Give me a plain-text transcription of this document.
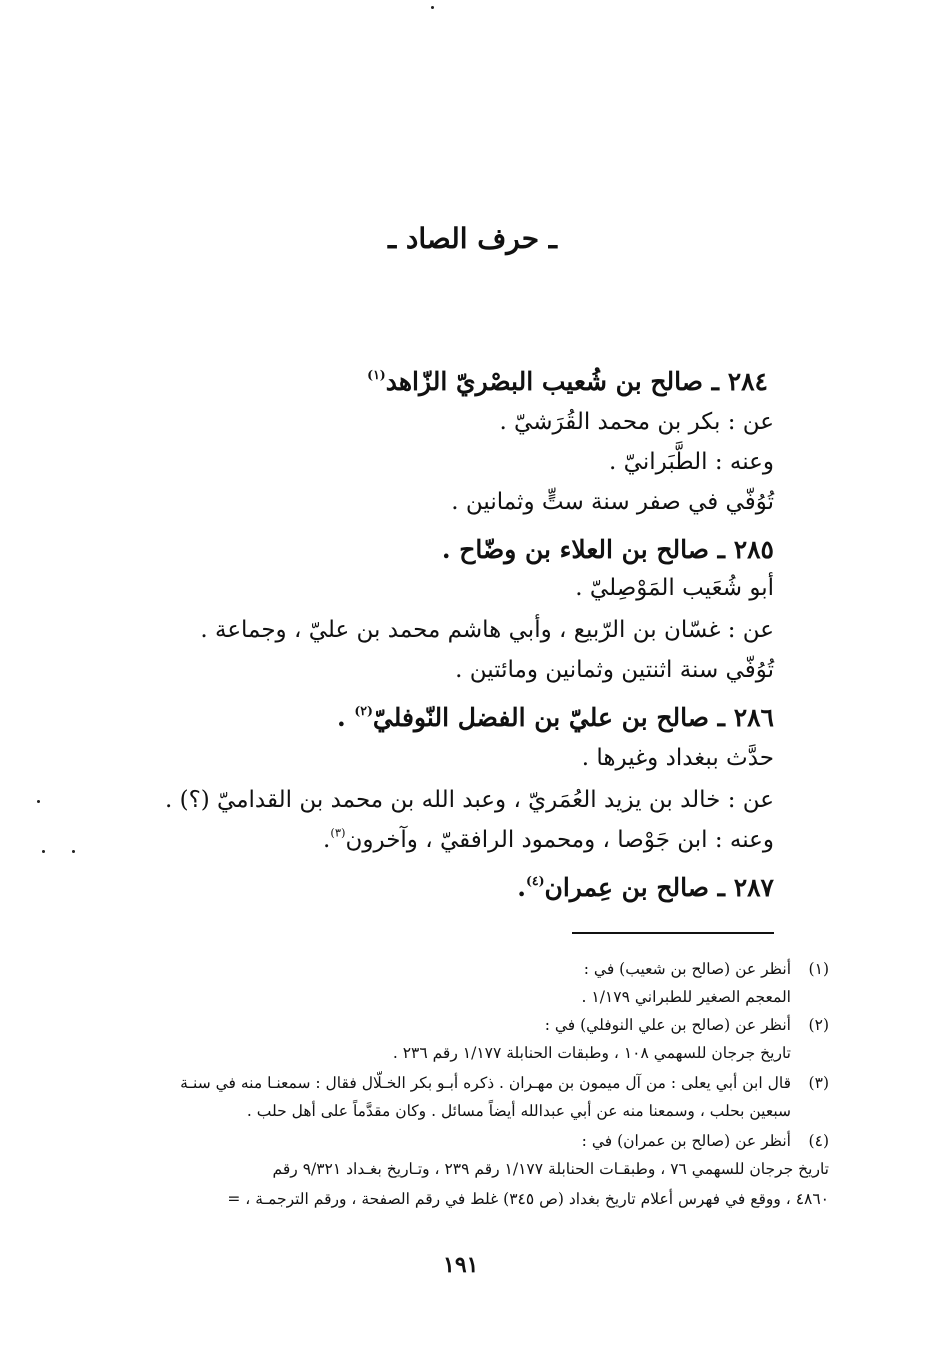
ـ حرف الصاد ـ
٢٨٤ ـ صالح بن شُعيب البصْريّ الزّاهد$^{(١)}$
عن : بكر بن محمد القُرَشيّ .
وعنه : الطَّبَرانيّ .
تُوُفّي في صفر سنة ستٍّ وثمانين .
٢٨٥ ـ صالح بن العلاء بن وضّاح .
أبو شُعَيب المَوْصِليّ .
عن : غسّان بن الرّبيع ، وأبي هاشم محمد بن عليّ ، وجماعة .
تُوُفّي سنة اثنتين وثمانين ومائتين .
٢٨٦ ـ صالح بن عليّ بن الفضل النّوفليّ$^{(٢)}$ .
حدَّث ببغداد وغيرها .
عن : خالد بن يزيد العُمَريّ ، وعبد الله بن محمد بن القداميّ (؟) .
وعنه : ابن جَوْصا ، ومحمود الرافقيّ ، وآخرون$^{(٣)}$.
٢٨٧ ـ صالح بن عِمران$^{(٤)}$.
(١)
أنظر عن (صالح بن شعيب) في :
المعجم الصغير للطبراني ١/١٧٩ .
(٢)
أنظر عن (صالح بن علي النوفلي) في :
تاريخ جرجان للسهمي ١٠٨ ، وطبقات الحنابلة ١/١٧٧ رقم ٢٣٦ .
(٣)
قال ابن أبي يعلى : من آل ميمون بن مهـران . ذكره أبـو بكر الخـلّال فقال : سمعنـا منه في سنـة
سبعين بحلب ، وسمعنا منه عن أبي عبدالله أيضاً مسائل . وكان مقدَّماً على أهل حلب .
(٤)
أنظر عن (صالح بن عمران) في :
تاريخ جرجان للسهمي ٧٦ ، وطبقـات الحنابلة ١/١٧٧ رقم ٢٣٩ ، وتـاريخ بغـداد ٩/٣٢١ رقم
٤٨٦٠ ، ووقع في فهرس أعلام تاريخ بغداد (ص ٣٤٥) غلط في رقم الصفحة ، ورقم الترجمـة ، =
١٩١
